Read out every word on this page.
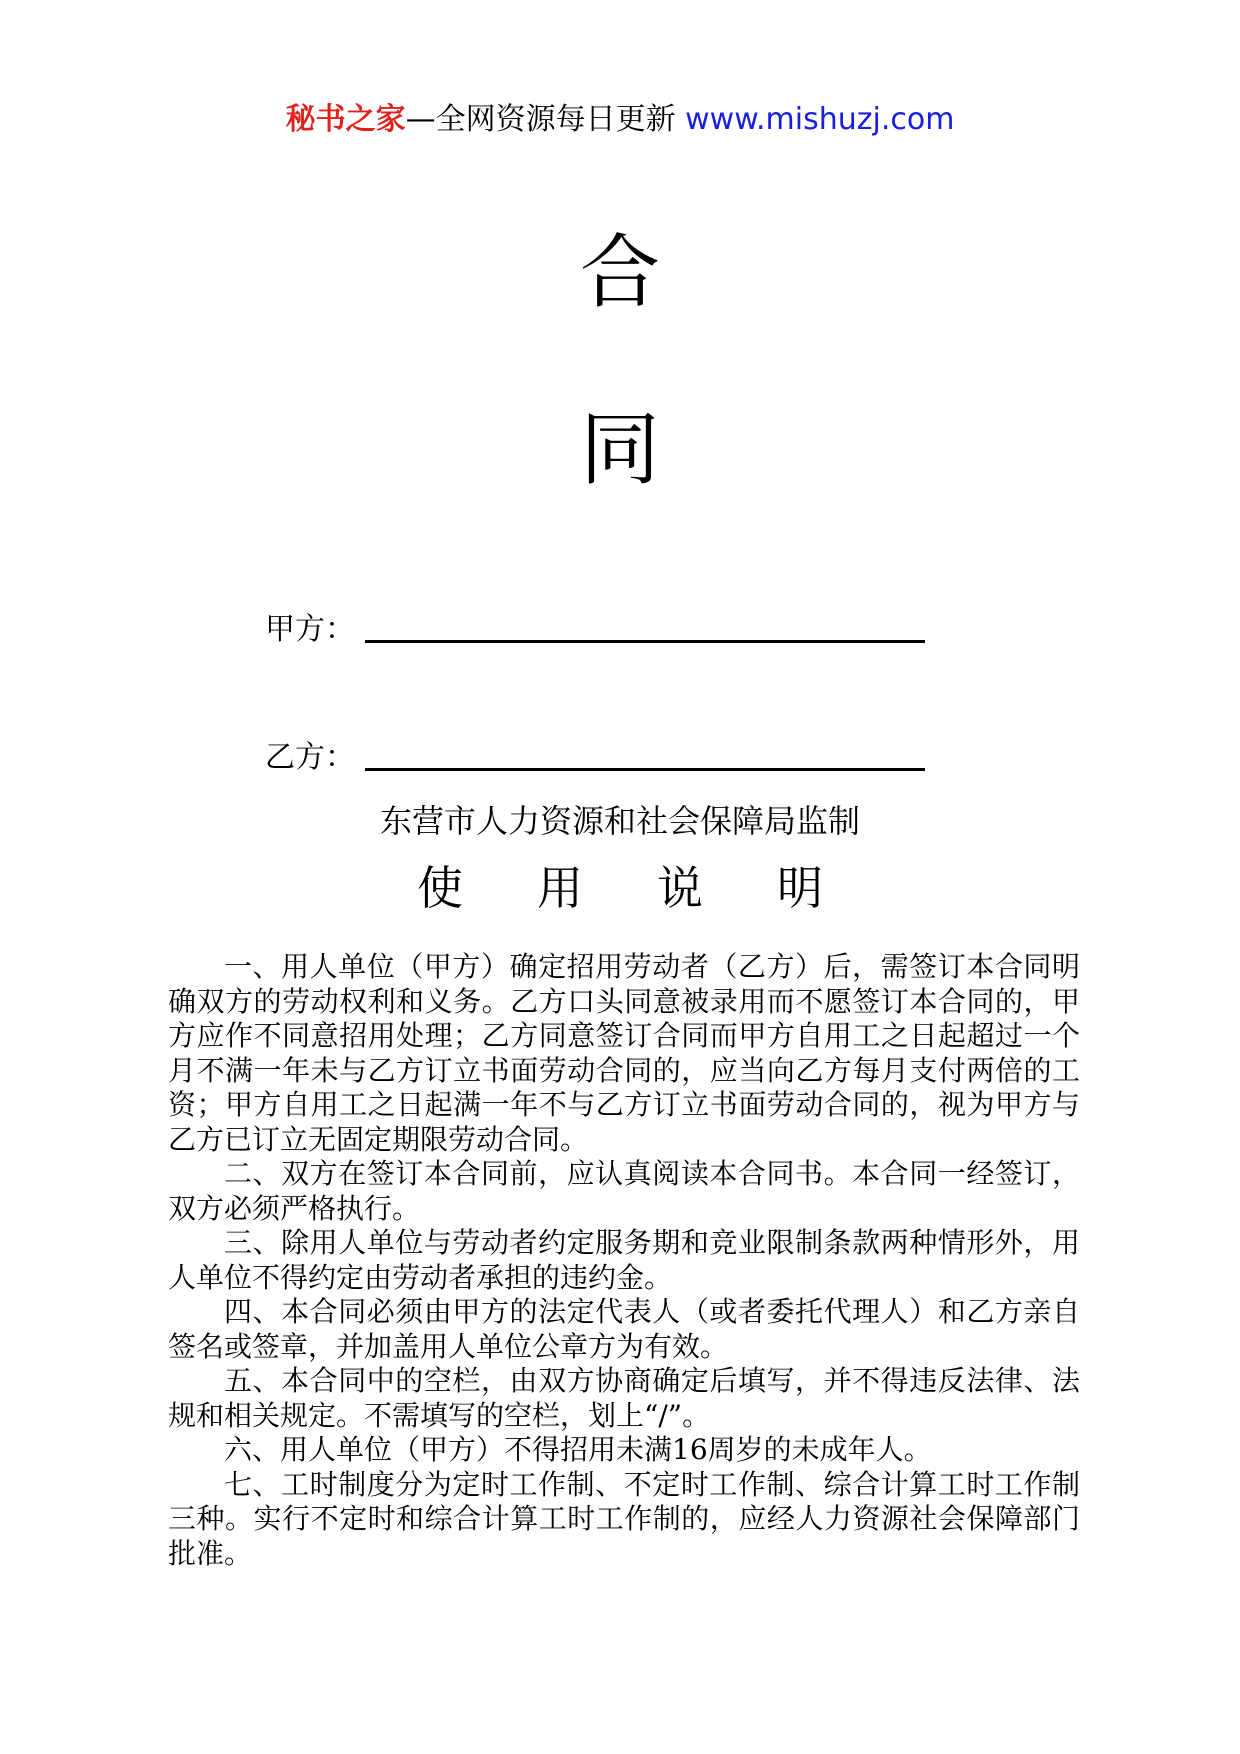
秘书之家—全网资源每日更新 www.mishuzj.com
合
同
甲方：
乙方：
东营市人力资源和社会保障局监制
使用说明

一、用人单位（甲方）确定招用劳动者（乙方）后，需签订本合同明确双方的劳动权利和义务。乙方口头同意被录用而不愿签订本合同的，甲方应作不同意招用处理；乙方同意签订合同而甲方自用工之日起超过一个月不满一年未与乙方订立书面劳动合同的，应当向乙方每月支付两倍的工资；甲方自用工之日起满一年不与乙方订立书面劳动合同的，视为甲方与乙方已订立无固定期限劳动合同。

二、双方在签订本合同前，应认真阅读本合同书。本合同一经签订，双方必须严格执行。

三、除用人单位与劳动者约定服务期和竞业限制条款两种情形外，用人单位不得约定由劳动者承担的违约金。

四、本合同必须由甲方的法定代表人（或者委托代理人）和乙方亲自签名或签章，并加盖用人单位公章方为有效。

五、本合同中的空栏，由双方协商确定后填写，并不得违反法律、法规和相关规定。不需填写的空栏，划上“/”。

六、用人单位（甲方）不得招用未满16周岁的未成年人。

七、工时制度分为定时工作制、不定时工作制、综合计算工时工作制三种。实行不定时和综合计算工时工作制的，应经人力资源社会保障部门批准。
